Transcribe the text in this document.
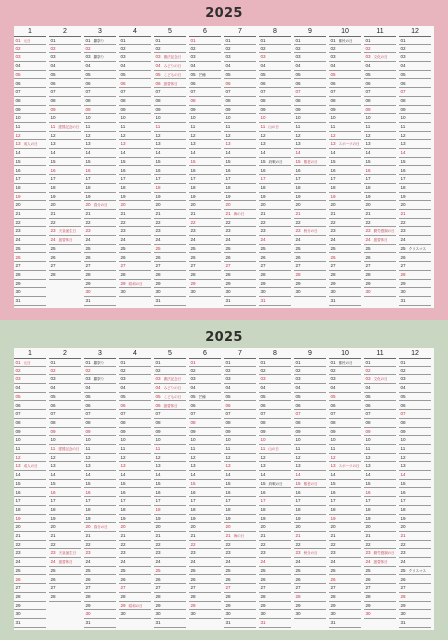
2025
1
01 元日
02
03
04
05
06
07
08
09
10
11
12
13 成人の日
14
15
16
17
18
19
20
21
22
23
24
25
26
27
28
29
30
31
2
01
02
03
04
05
06
07
08
09
10
11 建国記念の日
12
13
14
15
16
17
18
19
20
21
22
23 天皇誕生日
24 振替休日
25
26
27
28
3
01 雛祭り
02
03 雛祭り
04
05
06
07
08
09
10
11
12
13
14
15
16
17
18
19
20 春分の日
21
22
23
24
25
26
27
28
29
30
31
4
01
02
03
04
05
06
07
08
09
10
11
12
13
14
15
16
17
18
19
20
21
22
23
24
25
26
27
28
29 昭和の日
30
5
01
02
03 憲法記念日
04 みどりの日
05 こどもの日
06 振替休日
07
08
09
10
11
12
13
14
15
16
17
18
19
20
21
22
23
24
25
26
27
28
29
30
31
6
01
02
03
04
05 芒種
06
07
08
09
10
11
12
13
14
15
16
17
18
19
20
21
22
23
24
25
26
27
28
29
30
7
01
02
03
04
05
06
07
08
09
10
11
12
13
14
15
16
17
18
19
20
21 海の日
22
23
24
25
26
27
28
29
30
31
8
01
02
03
04
05
06
07
08
09
10
11 山の日
12
13
14
15 終戦の日
16
17
18
19
20
21
22
23
24
25
26
27
28
29
30
31
9
01
02
03
04
05
06
07
08
09
10
11
12
13
14
15 敬老の日
16
17
18
19
20
21
22
23 秋分の日
24
25
26
27
28
29
30
10
01 都民の日
02
03
04
05
06
07
08
09
10
11
12
13 スポーツの日
14
15
16
17
18
19
20
21
22
23
24
25
26
27
28
29
30
31
11
01
02
03 文化の日
04
05
06
07
08
09
10
11
12
13
14
15
16
17
18
19
20
21
22
23 勤労感謝の日
24 振替休日
25
26
27
28
29
30
12
01
02
03
04
05
06
07
08
09
10
11
12
13
14
15
16
17
18
19
20
21
22
23
24
25 クリスマス
26
27
28
29
30
31
2025
1
01 元日
02
03
04
05
06
07
08
09
10
11
12
13 成人の日
14
15
16
17
18
19
20
21
22
23
24
25
26
27
28
29
30
31
2
01
02
03
04
05
06
07
08
09
10
11 建国記念の日
12
13
14
15
16
17
18
19
20
21
22
23 天皇誕生日
24 振替休日
25
26
27
28
3
01 雛祭り
02
03 雛祭り
04
05
06
07
08
09
10
11
12
13
14
15
16
17
18
19
20 春分の日
21
22
23
24
25
26
27
28
29
30
31
4
01
02
03
04
05
06
07
08
09
10
11
12
13
14
15
16
17
18
19
20
21
22
23
24
25
26
27
28
29 昭和の日
30
5
01
02
03 憲法記念日
04 みどりの日
05 こどもの日
06 振替休日
07
08
09
10
11
12
13
14
15
16
17
18
19
20
21
22
23
24
25
26
27
28
29
30
31
6
01
02
03
04
05 芒種
06
07
08
09
10
11
12
13
14
15
16
17
18
19
20
21
22
23
24
25
26
27
28
29
30
7
01
02
03
04
05
06
07
08
09
10
11
12
13
14
15
16
17
18
19
20
21 海の日
22
23
24
25
26
27
28
29
30
31
8
01
02
03
04
05
06
07
08
09
10
11 山の日
12
13
14
15 終戦の日
16
17
18
19
20
21
22
23
24
25
26
27
28
29
30
31
9
01
02
03
04
05
06
07
08
09
10
11
12
13
14
15 敬老の日
16
17
18
19
20
21
22
23 秋分の日
24
25
26
27
28
29
30
10
01 都民の日
02
03
04
05
06
07
08
09
10
11
12
13 スポーツの日
14
15
16
17
18
19
20
21
22
23
24
25
26
27
28
29
30
31
11
01
02
03 文化の日
04
05
06
07
08
09
10
11
12
13
14
15
16
17
18
19
20
21
22
23 勤労感謝の日
24 振替休日
25
26
27
28
29
30
12
01
02
03
04
05
06
07
08
09
10
11
12
13
14
15
16
17
18
19
20
21
22
23
24
25 クリスマス
26
27
28
29
30
31
